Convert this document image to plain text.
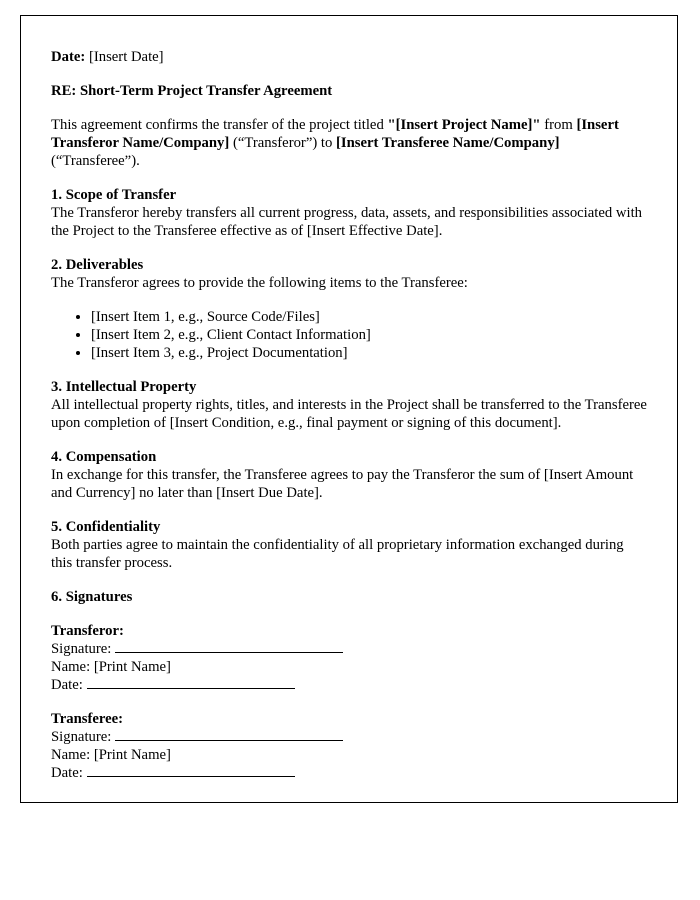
Date: [Insert Date]

RE: Short-Term Project Transfer Agreement

This agreement confirms the transfer of the project titled "[Insert Project Name]" from [Insert Transferor Name/Company] (“Transferor”) to [Insert Transferee Name/Company] (“Transferee”).

1. Scope of Transfer

The Transferor hereby transfers all current progress, data, assets, and responsibilities associated with the Project to the Transferee effective as of [Insert Effective Date].

2. Deliverables

The Transferor agrees to provide the following items to the Transferee:

• [Insert Item 1, e.g., Source Code/Files]
• [Insert Item 2, e.g., Client Contact Information]
• [Insert Item 3, e.g., Project Documentation]

3. Intellectual Property

All intellectual property rights, titles, and interests in the Project shall be transferred to the Transferee upon completion of [Insert Condition, e.g., final payment or signing of this document].

4. Compensation

In exchange for this transfer, the Transferee agrees to pay the Transferor the sum of [Insert Amount and Currency] no later than [Insert Due Date].

5. Confidentiality

Both parties agree to maintain the confidentiality of all proprietary information exchanged during this transfer process.

6. Signatures

Transferor:
Signature:
Name: [Print Name]
Date:
Transferee:
Signature:
Name: [Print Name]
Date:
